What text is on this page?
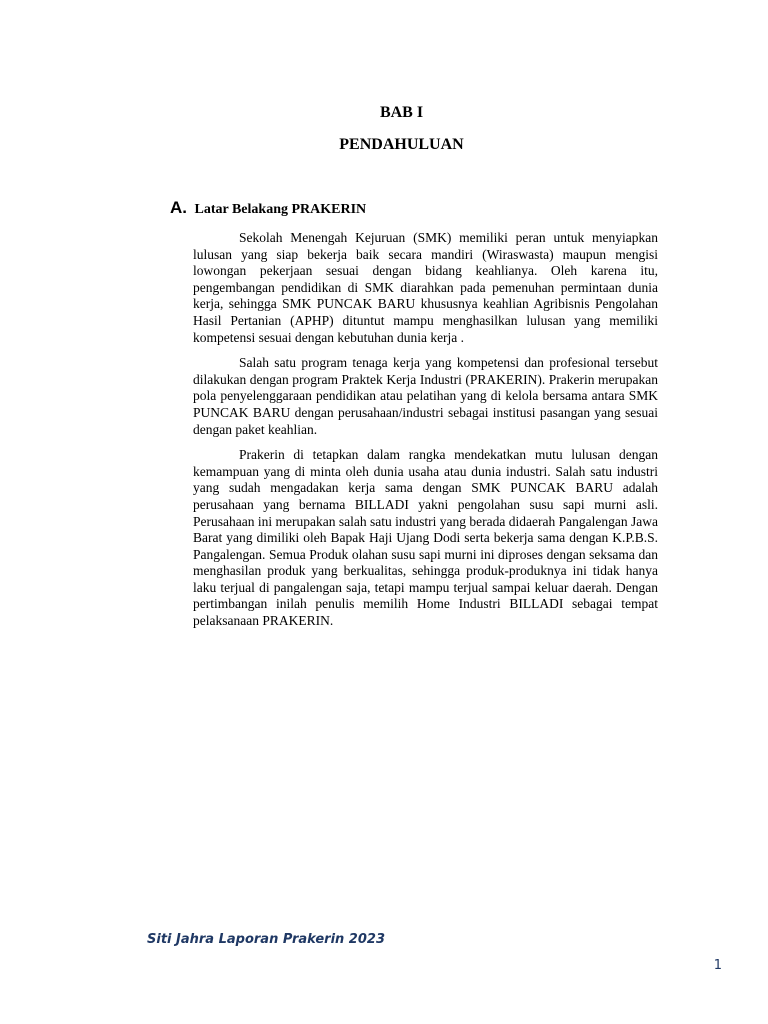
BAB I
PENDAHULUAN
A. Latar Belakang PRAKERIN

Sekolah Menengah Kejuruan (SMK) memiliki peran untuk menyiapkan lulusan yang siap bekerja baik secara mandiri (Wiraswasta) maupun mengisi lowongan pekerjaan sesuai dengan bidang keahlianya. Oleh karena itu, pengembangan pendidikan di SMK diarahkan pada pemenuhan permintaan dunia kerja, sehingga SMK PUNCAK BARU khususnya keahlian Agribisnis Pengolahan Hasil Pertanian (APHP) dituntut mampu menghasilkan lulusan yang memiliki kompetensi sesuai dengan kebutuhan dunia kerja .

Salah satu program tenaga kerja yang kompetensi dan profesional tersebut dilakukan dengan program Praktek Kerja Industri (PRAKERIN). Prakerin merupakan pola penyelenggaraan pendidikan atau pelatihan yang di kelola bersama antara SMK PUNCAK BARU dengan perusahaan/industri sebagai institusi pasangan yang sesuai dengan paket keahlian.

Prakerin di tetapkan dalam rangka mendekatkan mutu lulusan dengan kemampuan yang di minta oleh dunia usaha atau dunia industri. Salah satu industri yang sudah mengadakan kerja sama dengan SMK PUNCAK BARU adalah perusahaan yang bernama BILLADI yakni pengolahan susu sapi murni asli. Perusahaan ini merupakan salah satu industri yang berada didaerah Pangalengan Jawa Barat yang dimiliki oleh Bapak Haji Ujang Dodi serta bekerja sama dengan K.P.B.S. Pangalengan. Semua Produk olahan susu sapi murni ini diproses dengan seksama dan menghasilan produk yang berkualitas, sehingga produk-produknya ini tidak hanya laku terjual di pangalengan saja, tetapi mampu terjual sampai keluar daerah. Dengan pertimbangan inilah penulis memilih Home Industri BILLADI sebagai tempat pelaksanaan PRAKERIN.

Siti Jahra Laporan Prakerin 2023

1
